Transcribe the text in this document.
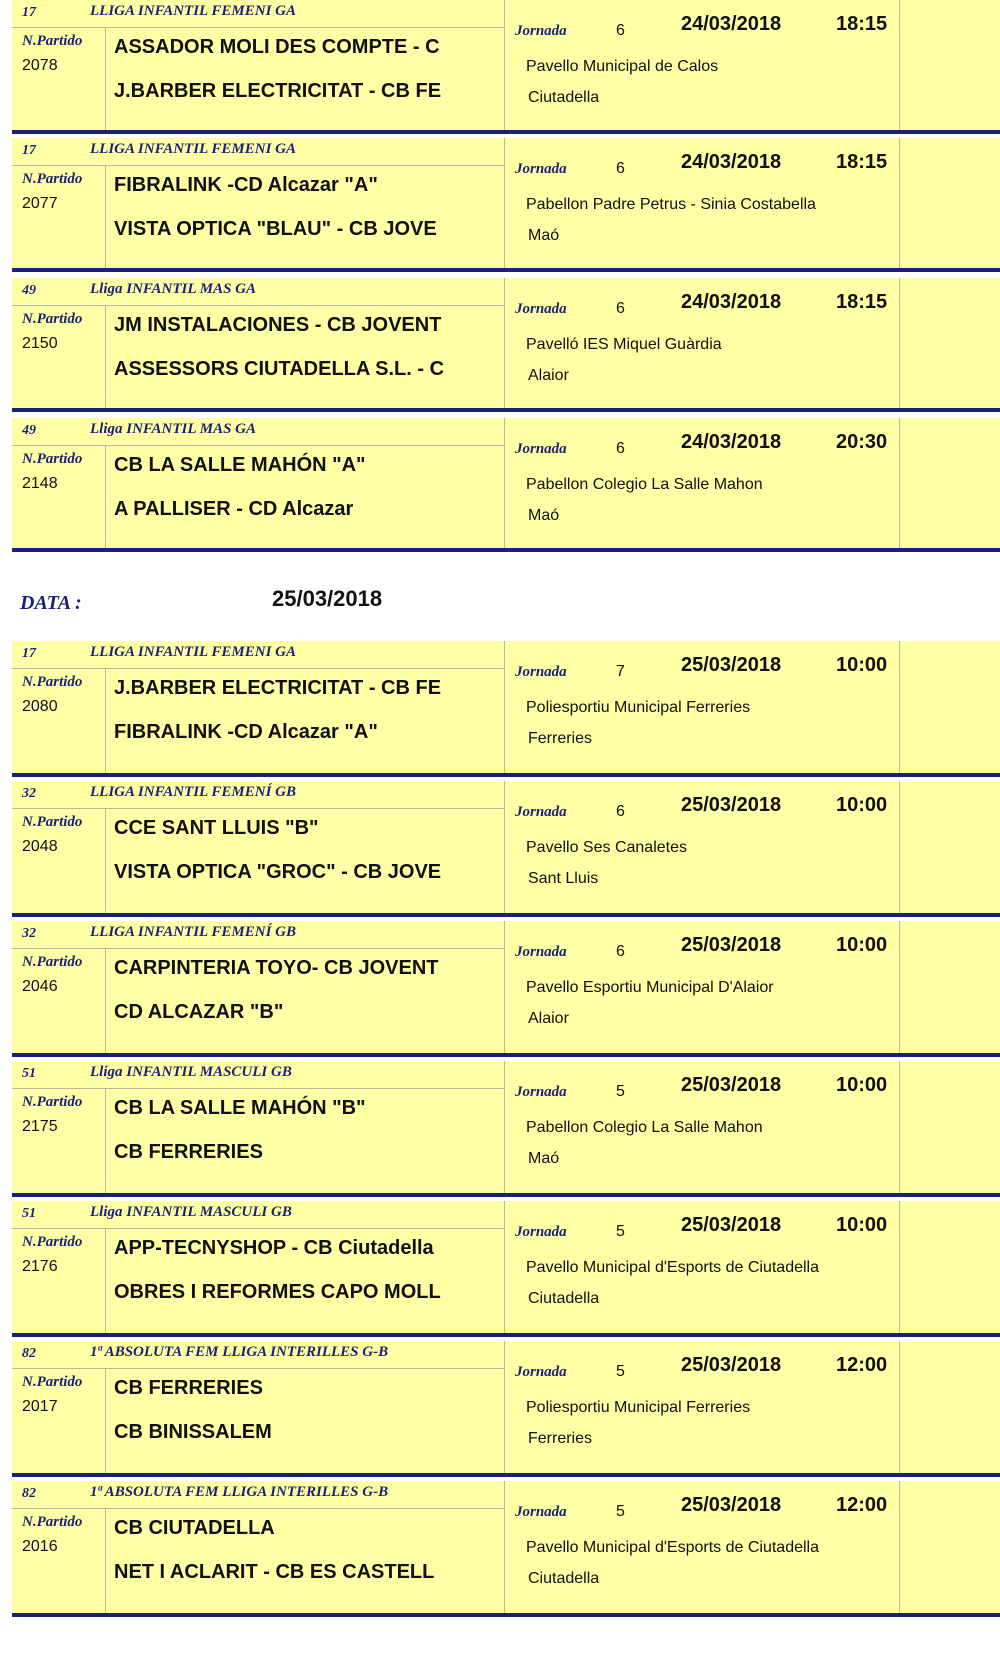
DATA :	25/03/2018
17	LLIGA INFANTIL FEMENI GA
N.Partido
2078
ASSADOR MOLI DES COMPTE - C
J.BARBER ELECTRICITAT - CB FE
Jornada	6	24/03/2018	18:15
Pavello Municipal de Calos
Ciutadella
17	LLIGA INFANTIL FEMENI GA
N.Partido
2077
FIBRALINK -CD Alcazar "A"
VISTA OPTICA "BLAU" - CB JOVE
Jornada	6	24/03/2018	18:15
Pabellon Padre Petrus - Sinia Costabella
Maó
49	Lliga INFANTIL MAS GA
N.Partido
2150
JM INSTALACIONES - CB JOVENT
ASSESSORS CIUTADELLA S.L. - C
Jornada	6	24/03/2018	18:15
Pavelló IES Miquel Guàrdia
Alaior
49	Lliga INFANTIL MAS GA
N.Partido
2148
CB LA SALLE MAHÓN "A"
A PALLISER - CD Alcazar
Jornada	6	24/03/2018	20:30
Pabellon Colegio La Salle Mahon
Maó
17	LLIGA INFANTIL FEMENI GA
N.Partido
2080
J.BARBER ELECTRICITAT - CB FE
FIBRALINK -CD Alcazar "A"
Jornada	7	25/03/2018	10:00
Poliesportiu Municipal Ferreries
Ferreries
32	LLIGA INFANTIL FEMENÍ GB
N.Partido
2048
CCE SANT LLUIS "B"
VISTA OPTICA "GROC" - CB JOVE
Jornada	6	25/03/2018	10:00
Pavello Ses Canaletes
Sant Lluis
32	LLIGA INFANTIL FEMENÍ GB
N.Partido
2046
CARPINTERIA TOYO- CB JOVENT
CD ALCAZAR "B"
Jornada	6	25/03/2018	10:00
Pavello Esportiu Municipal D'Alaior
Alaior
51	Lliga INFANTIL MASCULI GB
N.Partido
2175
CB LA SALLE MAHÓN "B"
CB FERRERIES
Jornada	5	25/03/2018	10:00
Pabellon Colegio La Salle Mahon
Maó
51	Lliga INFANTIL MASCULI GB
N.Partido
2176
APP-TECNYSHOP - CB Ciutadella
OBRES I REFORMES CAPO MOLL
Jornada	5	25/03/2018	10:00
Pavello Municipal d'Esports de Ciutadella
Ciutadella
82	1ª ABSOLUTA FEM LLIGA INTERILLES G-B
N.Partido
2017
CB FERRERIES
CB BINISSALEM
Jornada	5	25/03/2018	12:00
Poliesportiu Municipal Ferreries
Ferreries
82	1ª ABSOLUTA FEM LLIGA INTERILLES G-B
N.Partido
2016
CB CIUTADELLA
NET I ACLARIT - CB ES CASTELL
Jornada	5	25/03/2018	12:00
Pavello Municipal d'Esports de Ciutadella
Ciutadella
